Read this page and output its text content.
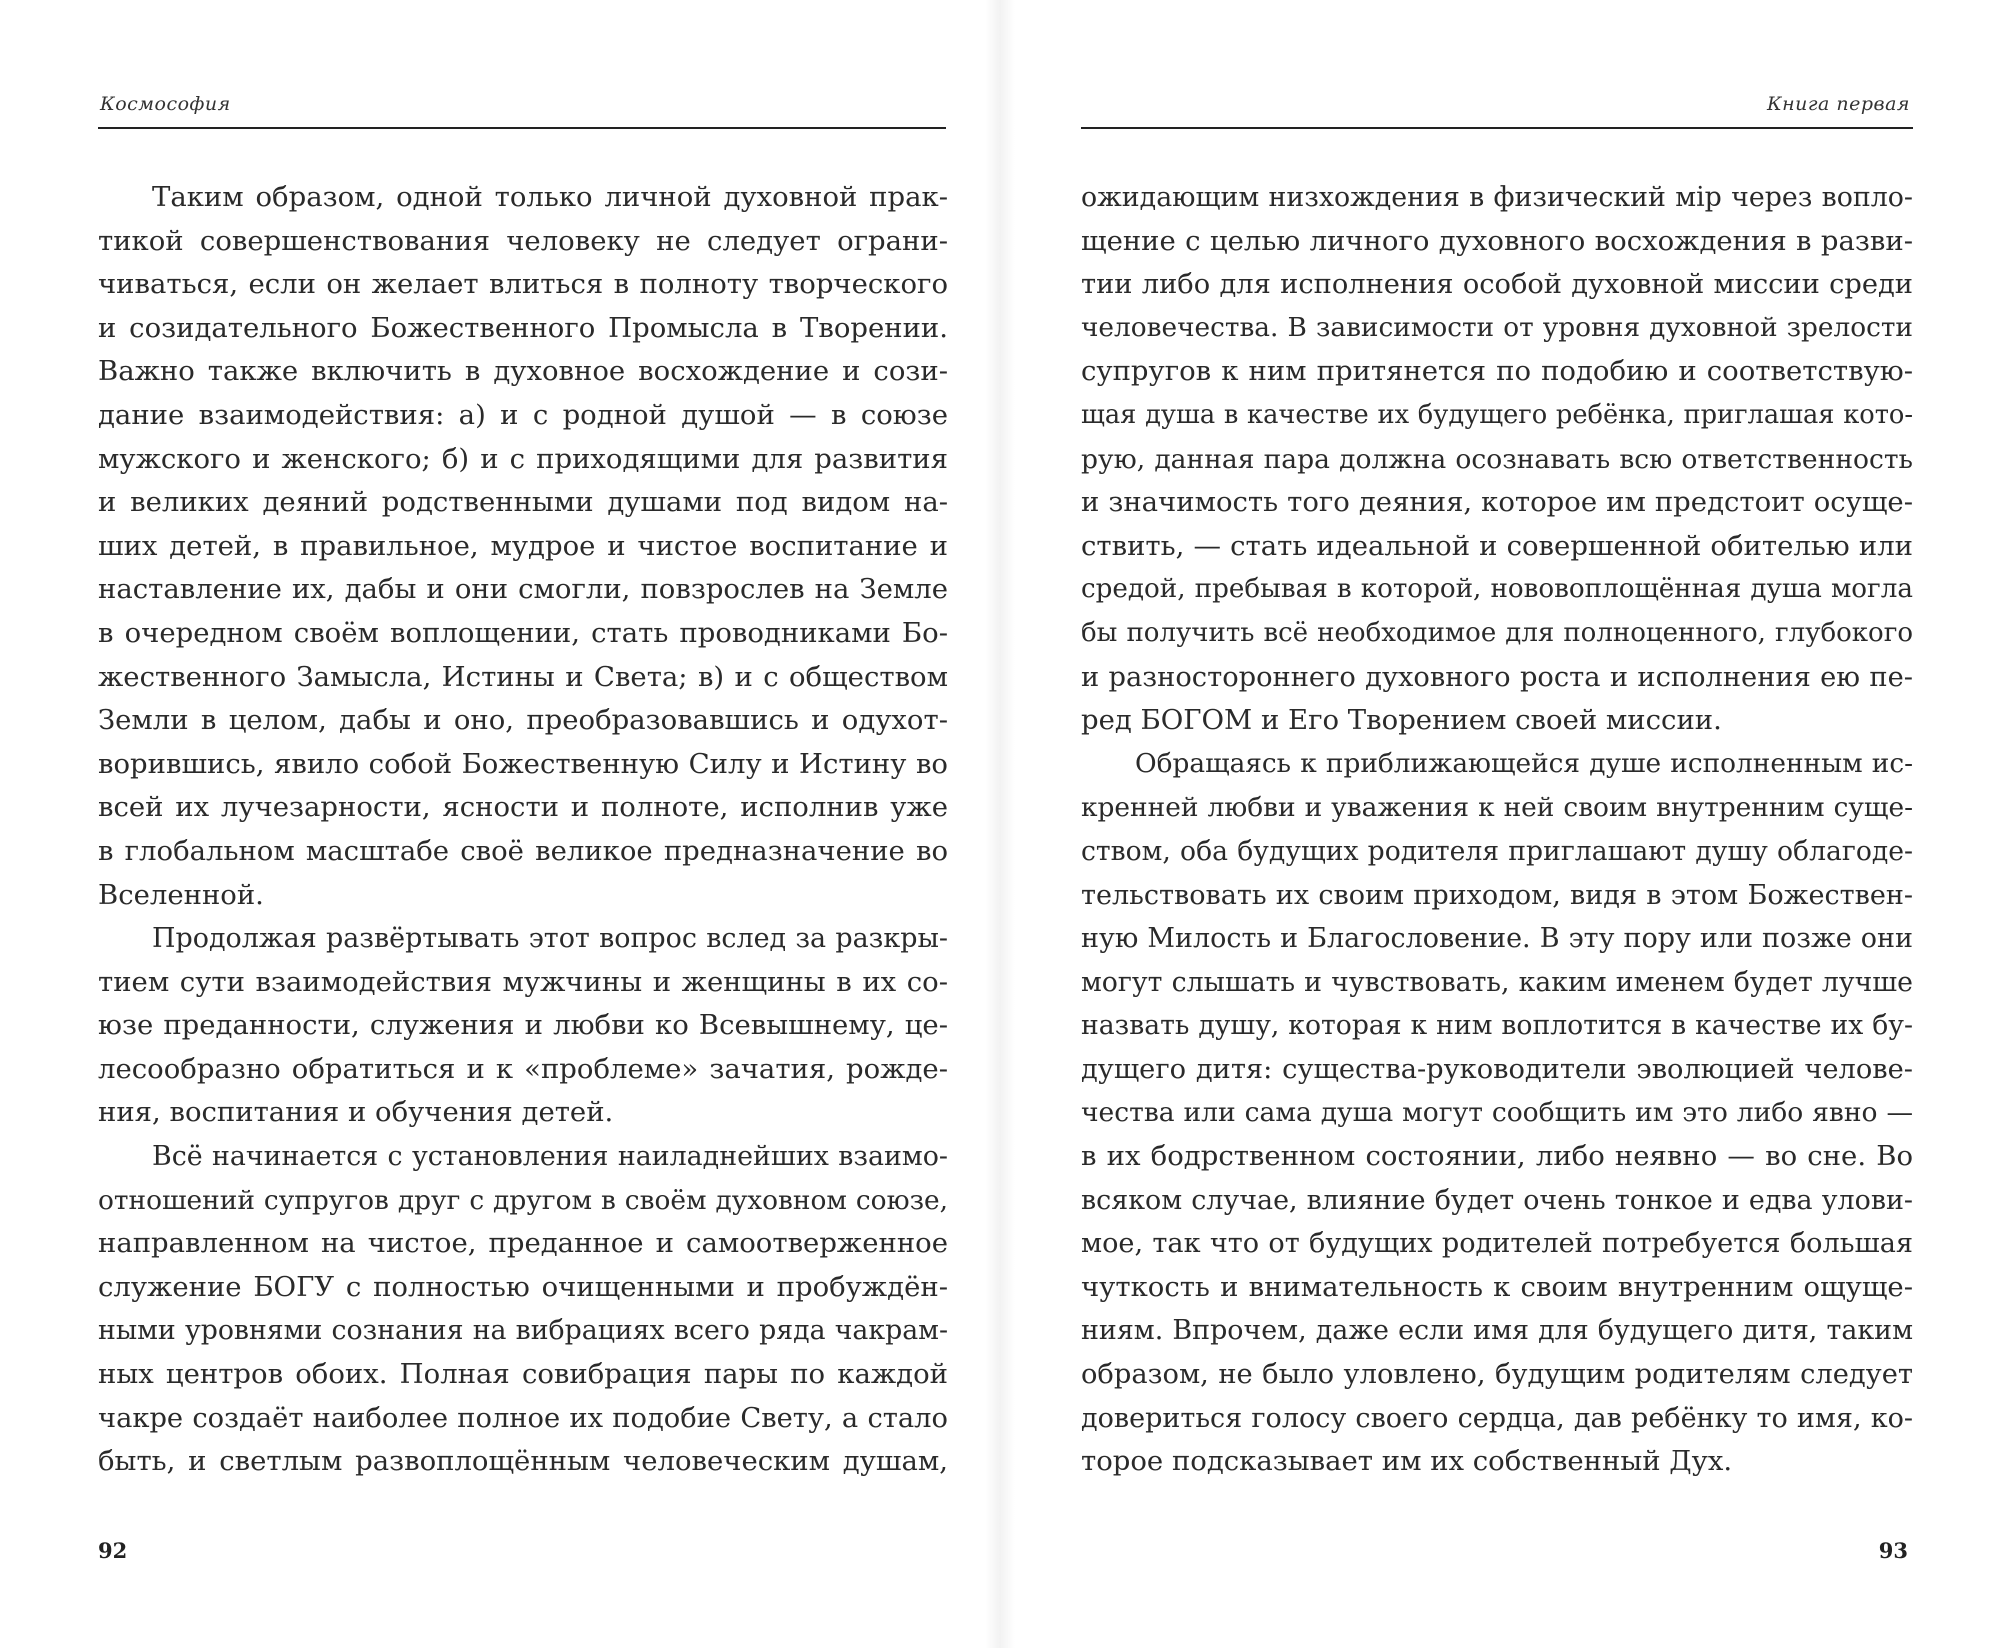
Космософия
Таким образом, одной только личной духовной прак-
тикой совершенствования человеку не следует ограни-
чиваться, если он желает влиться в полноту творческого
и созидательного Божественного Промысла в Творении.
Важно также включить в духовное восхождение и сози-
дание взаимодействия: а) и с родной душой — в союзе
мужского и женского; б) и с приходящими для развития
и великих деяний родственными душами под видом на-
ших детей, в правильное, мудрое и чистое воспитание и
наставление их, дабы и они смогли, повзрослев на Земле
в очередном своём воплощении, стать проводниками Бо-
жественного Замысла, Истины и Света; в) и с обществом
Земли в целом, дабы и оно, преобразовавшись и одухот-
ворившись, явило собой Божественную Силу и Истину во
всей их лучезарности, ясности и полноте, исполнив уже
в глобальном масштабе своё великое предназначение во
Вселенной.
Продолжая развёртывать этот вопрос вслед за разкры-
тием сути взаимодействия мужчины и женщины в их со-
юзе преданности, служения и любви ко Всевышнему, це-
лесообразно обратиться и к «проблеме» зачатия, рожде-
ния, воспитания и обучения детей.
Всё начинается с установления наиладнейших взаимо-
отношений супругов друг с другом в своём духовном союзе,
направленном на чистое, преданное и самоотверженное
служение БОГУ с полностью очищенными и пробуждён-
ными уровнями сознания на вибрациях всего ряда чакрам-
ных центров обоих. Полная совибрация пары по каждой
чакре создаёт наиболее полное их подобие Свету, а стало
быть, и светлым развоплощённым человеческим душам,
92
Книга первая
ожидающим низхождения в физический мiр через вопло-
щение с целью личного духовного восхождения в разви-
тии либо для исполнения особой духовной миссии среди
человечества. В зависимости от уровня духовной зрелости
супругов к ним притянется по подобию и соответствую-
щая душа в качестве их будущего ребёнка, приглашая кото-
рую, данная пара должна осознавать всю ответственность
и значимость того деяния, которое им предстоит осуще-
ствить, — стать идеальной и совершенной обителью или
средой, пребывая в которой, нововоплощённая душа могла
бы получить всё необходимое для полноценного, глубокого
и разностороннего духовного роста и исполнения ею пе-
ред БОГОМ и Его Творением своей миссии.
Обращаясь к приближающейся душе исполненным ис-
кренней любви и уважения к ней своим внутренним суще-
ством, оба будущих родителя приглашают душу облагоде-
тельствовать их своим приходом, видя в этом Божествен-
ную Милость и Благословение. В эту пору или позже они
могут слышать и чувствовать, каким именем будет лучше
назвать душу, которая к ним воплотится в качестве их бу-
дущего дитя: существа-руководители эволюцией челове-
чества или сама душа могут сообщить им это либо явно —
в их бодрственном состоянии, либо неявно — во сне. Во
всяком случае, влияние будет очень тонкое и едва улови-
мое, так что от будущих родителей потребуется большая
чуткость и внимательность к своим внутренним ощуще-
ниям. Впрочем, даже если имя для будущего дитя, таким
образом, не было уловлено, будущим родителям следует
довериться голосу своего сердца, дав ребёнку то имя, ко-
торое подсказывает им их собственный Дух.
93
